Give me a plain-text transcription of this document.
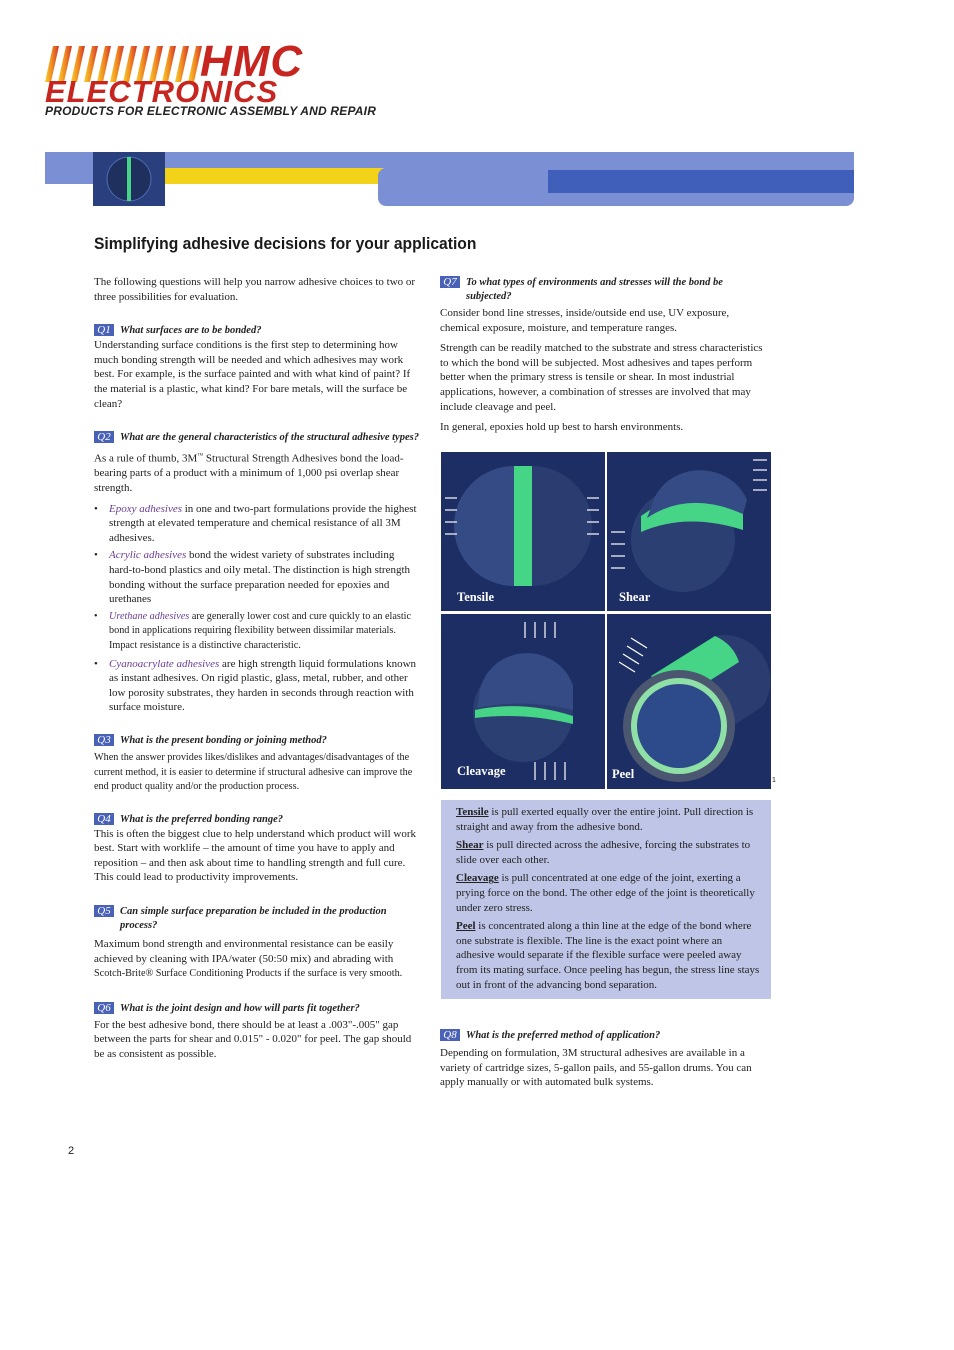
HMC
ELECTRONICS
PRODUCTS FOR ELECTRONIC ASSEMBLY AND REPAIR
Simplifying adhesive decisions for your application

The following questions will help you narrow adhesive choices to two or three possibilities for evaluation.

Q1 What surfaces are to be bonded?

Understanding surface conditions is the first step to determining how much bonding strength will be needed and which adhesives may work best. For example, is the surface painted and with what kind of paint? If the material is a plastic, what kind? For bare metals, will the surface be clean?

Q2 What are the general characteristics of the structural adhesive types?

As a rule of thumb, 3M™ Structural Strength Adhesives bond the load-bearing parts of a product with a minimum of 1,000 psi overlap shear strength.

• Epoxy adhesives in one and two-part formulations provide the highest strength at elevated temperature and chemical resistance of all 3M adhesives.
• Acrylic adhesives bond the widest variety of substrates including hard-to-bond plastics and oily metal. The distinction is high strength bonding without the surface preparation needed for epoxies and urethanes
• Urethane adhesives are generally lower cost and cure quickly to an elastic bond in applications requiring flexibility between dissimilar materials. Impact resistance is a distinctive characteristic.
• Cyanoacrylate adhesives are high strength liquid formulations known as instant adhesives. On rigid plastic, glass, metal, rubber, and other low porosity substrates, they harden in seconds through reaction with surface moisture.
Q3 What is the present bonding or joining method?

When the answer provides likes/dislikes and advantages/disadvantages of the current method, it is easier to determine if structural adhesive can improve the end product quality and/or the production process.

Q4 What is the preferred bonding range?

This is often the biggest clue to help understand which product will work best. Start with worklife – the amount of time you have to apply and reposition – and then ask about time to handling strength and full cure. This could lead to productivity improvements.

Q5 Can simple surface preparation be included in the production process?

Maximum bond strength and environmental resistance can be easily achieved by cleaning with IPA/water (50:50 mix) and abrading with Scotch-Brite® Surface Conditioning Products if the surface is very smooth.

Q6 What is the joint design and how will parts fit together?

For the best adhesive bond, there should be at least a .003"-.005" gap between the parts for shear and 0.015" - 0.020" for peel. The gap should be as consistent as possible.

Q7 To what types of environments and stresses will the bond be subjected?

Consider bond line stresses, inside/outside end use, UV exposure, chemical exposure, moisture, and temperature ranges.

Strength can be readily matched to the substrate and stress characteristics to which the bond will be subjected. Most adhesives and tapes perform better when the primary stress is tensile or shear. In most industrial applications, however, a combination of stresses are involved that may include cleavage and peel.

In general, epoxies hold up best to harsh environments.

Tensile	Shear
Cleavage	Peel	1

Tensile is pull exerted equally over the entire joint. Pull direction is straight and away from the adhesive bond.

Shear is pull directed across the adhesive, forcing the substrates to slide over each other.

Cleavage is pull concentrated at one edge of the joint, exerting a prying force on the bond. The other edge of the joint is theoretically under zero stress.

Peel is concentrated along a thin line at the edge of the bond where one substrate is flexible. The line is the exact point where an adhesive would separate if the flexible surface were peeled away from its mating surface. Once peeling has begun, the stress line stays out in front of the advancing bond separation.

Q8 What is the preferred method of application?

Depending on formulation, 3M structural adhesives are available in a variety of cartridge sizes, 5-gallon pails, and 55-gallon drums. You can apply manually or with automated bulk systems.

2
